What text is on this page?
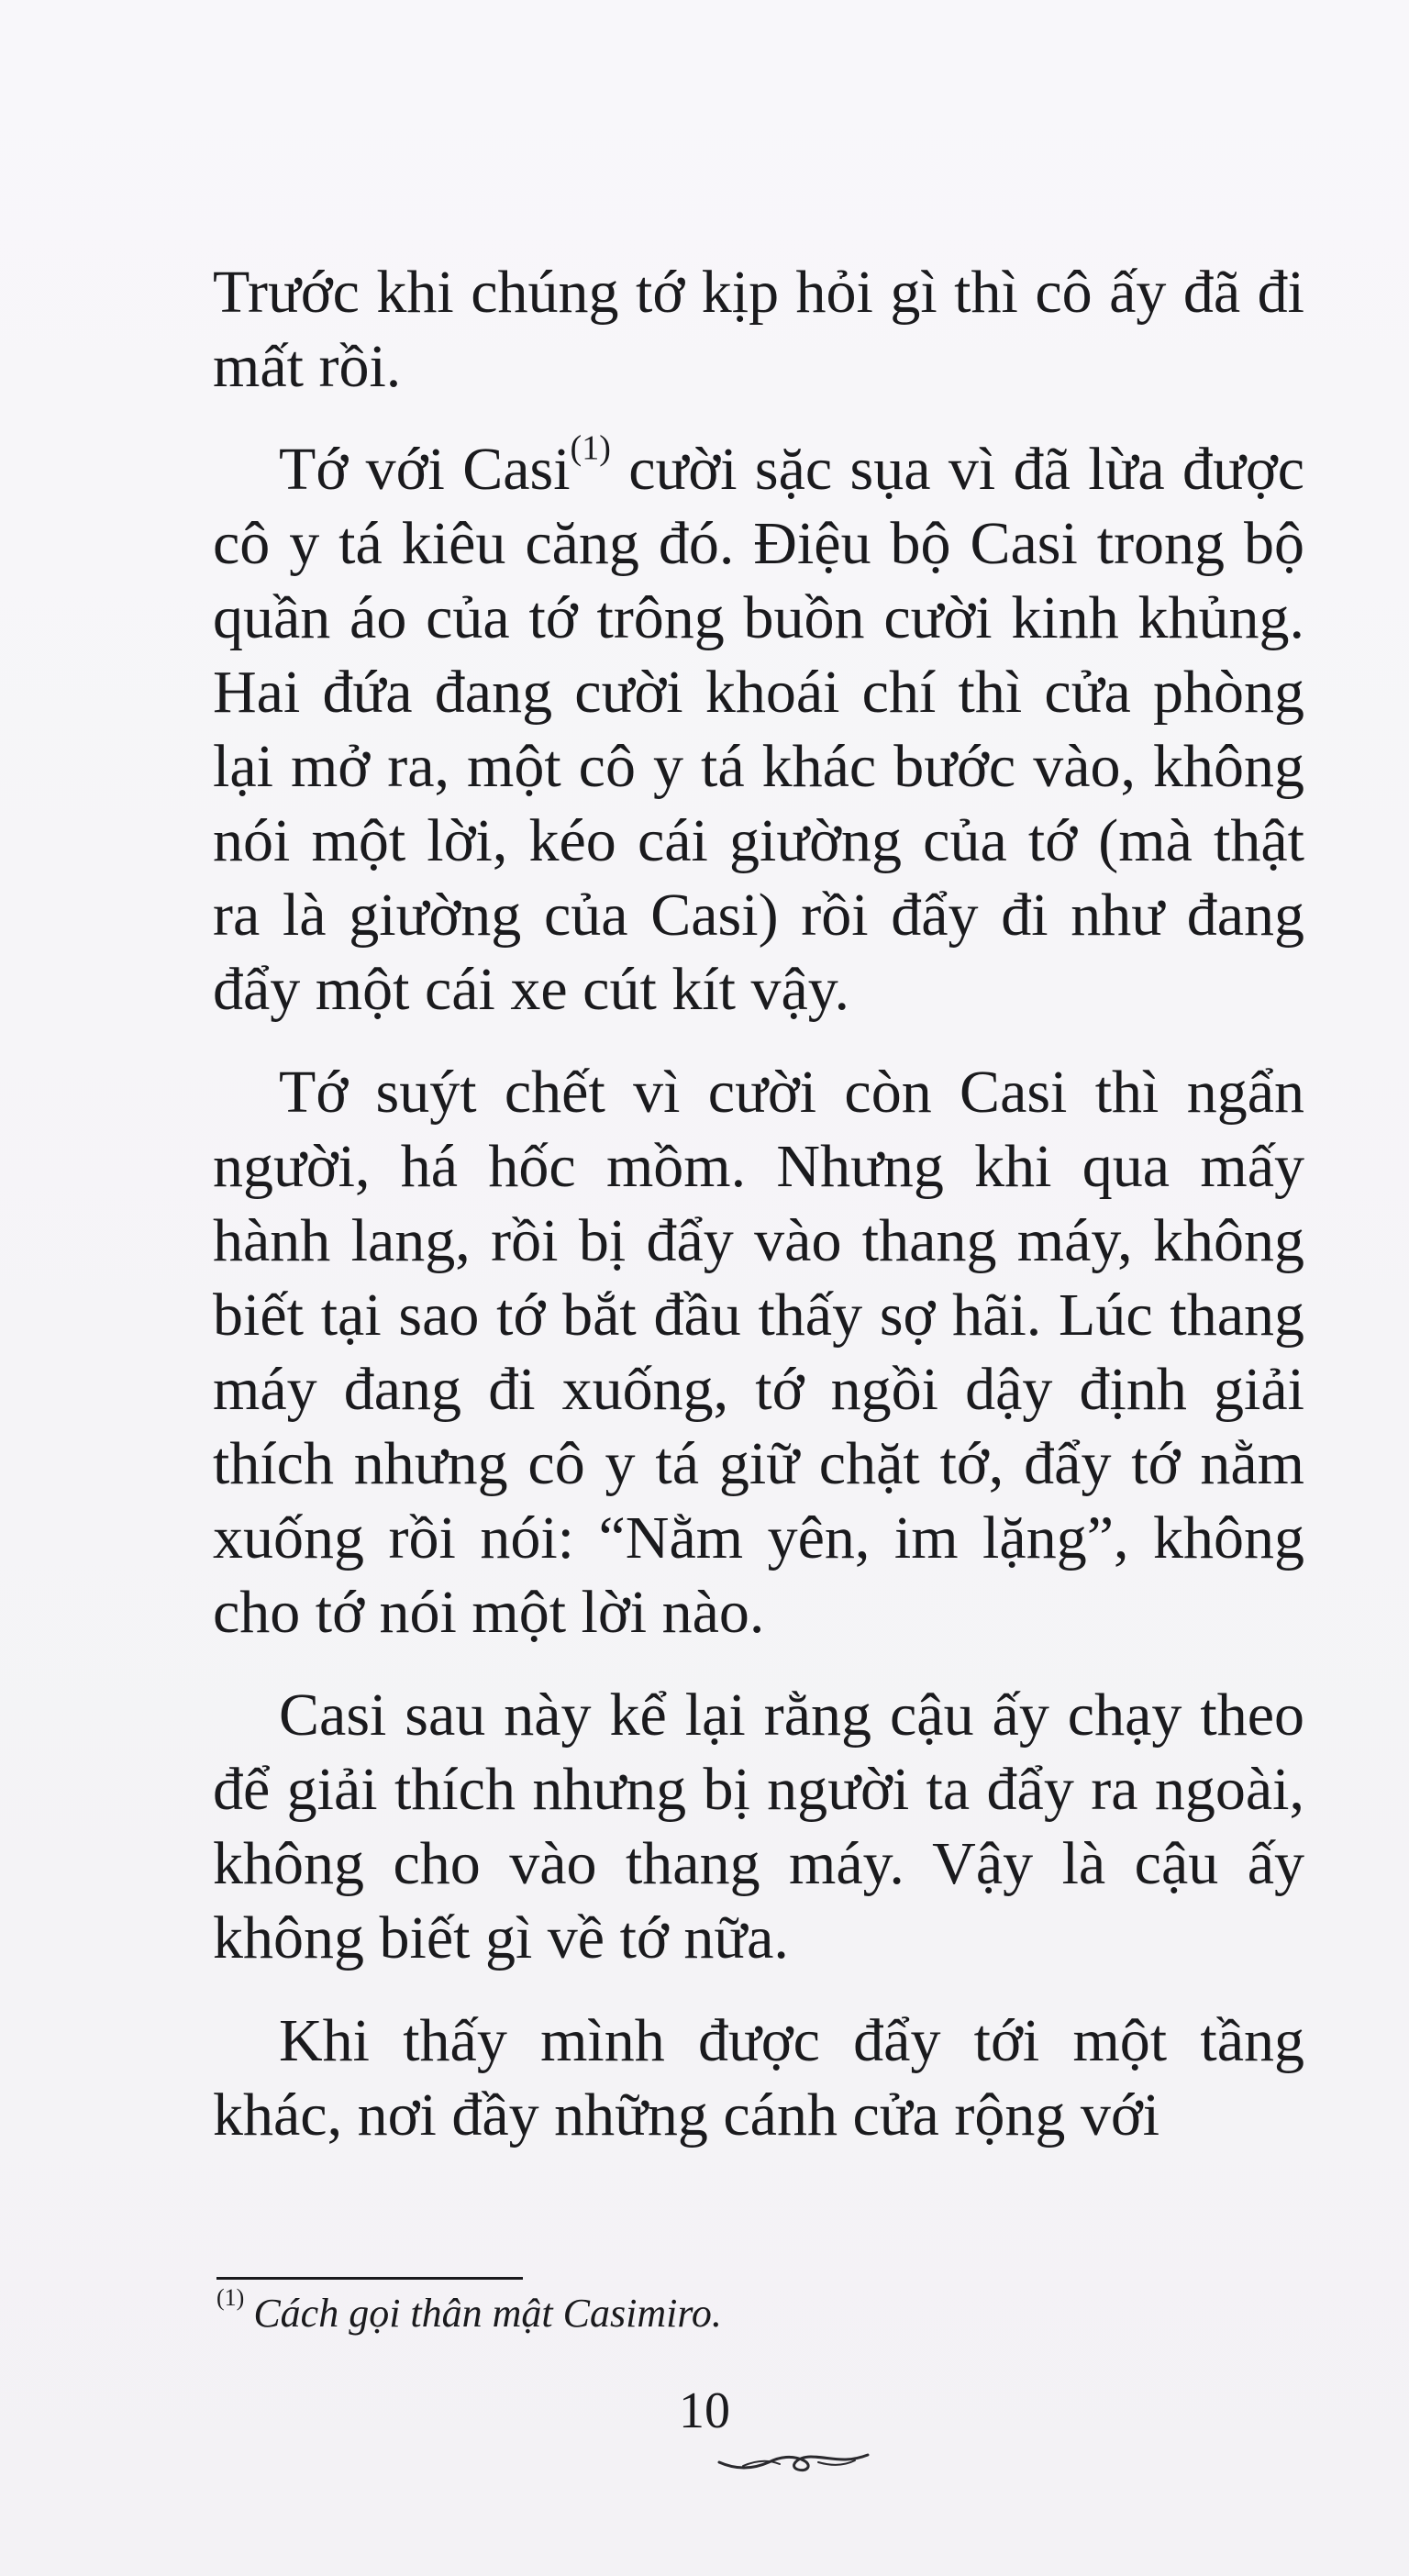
Trước khi chúng tớ kịp hỏi gì thì cô ấy đã đi mất rồi.

Tớ với Casi$^{(1)}$ cười sặc sụa vì đã lừa được cô y tá kiêu căng đó. Điệu bộ Casi trong bộ quần áo của tớ trông buồn cười kinh khủng. Hai đứa đang cười khoái chí thì cửa phòng lại mở ra, một cô y tá khác bước vào, không nói một lời, kéo cái giường của tớ (mà thật ra là giường của Casi) rồi đẩy đi như đang đẩy một cái xe cút kít vậy.

Tớ suýt chết vì cười còn Casi thì ngẩn người, há hốc mồm. Nhưng khi qua mấy hành lang, rồi bị đẩy vào thang máy, không biết tại sao tớ bắt đầu thấy sợ hãi. Lúc thang máy đang đi xuống, tớ ngồi dậy định giải thích nhưng cô y tá giữ chặt tớ, đẩy tớ nằm xuống rồi nói: “Nằm yên, im lặng”, không cho tớ nói một lời nào.

Casi sau này kể lại rằng cậu ấy chạy theo để giải thích nhưng bị người ta đẩy ra ngoài, không cho vào thang máy. Vậy là cậu ấy không biết gì về tớ nữa.

Khi thấy mình được đẩy tới một tầng khác, nơi đầy những cánh cửa rộng với

$^{(1)}$ Cách gọi thân mật Casimiro.
10
